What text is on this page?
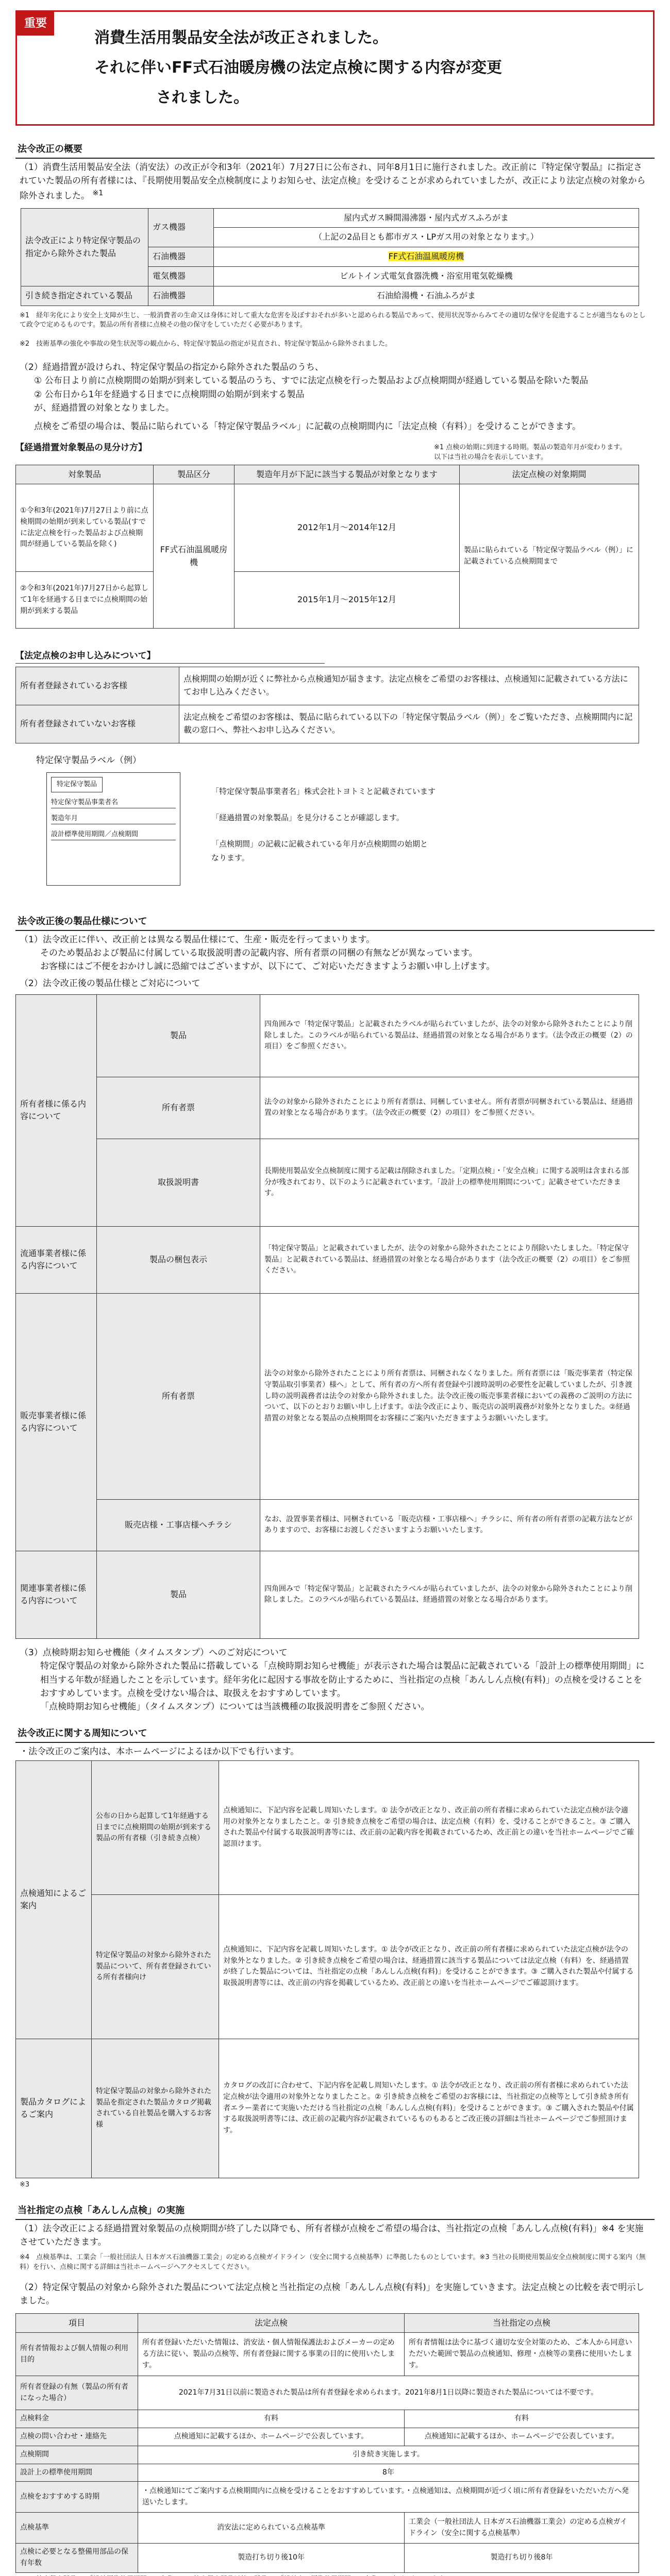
重要
消費生活用製品安全法が改正されました。
それに伴いFF式石油暖房機の法定点検に関する内容が変更
されました。
法令改正の概要
（1）消費生活用製品安全法（消安法）の改正が令和3年（2021年）7月27日に公布され、同年8月1日に施行されました。改正前に『特定保守製品』に指定されていた製品の所有者様には、『長期使用製品安全点検制度によりお知らせ、法定点検』を受けることが求められていましたが、改正により法定点検の対象から除外されました。 $^{※1}$
法令改正により特定保守製品の指定から除外された製品	ガス機器	屋内式ガス瞬間湯沸器・屋内式ガスふろがま
		（上記の2品目とも都市ガス・LPガス用の対象となります。）
	石油機器	FF式石油温風暖房機
	電気機器	ビルトイン式電気食器洗機・浴室用電気乾燥機

引き続き指定されている製品	石油機器	石油給湯機・石油ふろがま
※1　経年劣化により安全上支障が生じ、一般消費者の生命又は身体に対して重大な危害を及ぼすおそれが多いと認められる製品であって、使用状況等からみてその適切な保守を促進することが適当なものとして政令で定めるものです。製品の所有者様に点検その他の保守をしていただく必要があります。
※2　技術基準の強化や事故の発生状況等の観点から、特定保守製品の指定が見直され、特定保守製品から除外されました。
（2）経過措置が設けられ、特定保守製品の指定から除外された製品のうち、
① 公布日より前に点検期間の始期が到来している製品のうち、すでに法定点検を行った製品および点検期間が経過している製品を除いた製品
② 公布日から1年を経過する日までに点検期間の始期が到来する製品
が、経過措置の対象となりました。
点検をご希望の場合は、製品に貼られている「特定保守製品ラベル」に記載の点検期間内に「法定点検（有料）」を受けることができます。
【経過措置対象製品の見分け方】	※1 点検の始期に到達する時期。製品の製造年月が変わります。
以下は当社の場合を表示しています。
対象製品	製品区分	製造年月が下記に該当する製品が対象となります	法定点検の対象期間
①令和3年(2021年)7月27日より前に点検期間の始期が到来している製品(すでに法定点検を行った製品および点検期間が経過している製品を除く)	FF式石油温風暖房機	2012年1月～2014年12月	製品に貼られている「特定保守製品ラベル（例）」に記載されている点検期間まで
②令和3年(2021年)7月27日から起算して1年を経過する日までに点検期間の始期が到来する製品		2015年1月～2015年12月	
【法定点検のお申し込みについて】
所有者登録されているお客様	点検期間の始期が近くに弊社から点検通知が届きます。法定点検をご希望のお客様は、点検通知に記載されている方法にてお申し込みください。
所有者登録されていないお客様	法定点検をご希望のお客様は、製品に貼られている以下の「特定保守製品ラベル（例）」をご覧いただき、点検期間内に記載の窓口へ、弊社へお申し込みください。
特定保守製品ラベル（例）
特定保守製品
特定保守製品事業者名
製造年月
設計標準使用期間／点検期間
「特定保守製品事業者名」株式会社トヨトミと記載されています
「経過措置の対象製品」を見分けることが確認します。
「点検期間」の記載に記載されている年月が点検期間の始期となります。
法令改正後の製品仕様について
（1）法令改正に伴い、改正前とは異なる製品仕様にて、生産・販売を行ってまいります。
そのため製品および製品に付属している取扱説明書の記載内容、所有者票の同梱の有無などが異なっています。
お客様にはご不便をおかけし誠に恐縮ではございますが、以下にて、ご対応いただきますようお願い申し上げます。
（2）法令改正後の製品仕様とご対応について
所有者様に係る内容について	製品	四角囲みで「特定保守製品」と記載されたラベルが貼られていましたが、法令の対象から除外されたことにより削除しました。このラベルが貼られている製品は、経過措置の対象となる場合があります。（法令改正の概要（2）の項目）をご参照ください。
	所有者票	法令の対象から除外されたことにより所有者票は、同梱していません。所有者票が同梱されている製品は、経過措置の対象となる場合があります。（法令改正の概要（2）の項目）をご参照ください。
	取扱説明書	長期使用製品安全点検制度に関する記載は削除されました。「定期点検」・「安全点検」に関する説明は含まれる部分が残されており、以下のように記載されています。「設計上の標準使用期間について」記載させていただきます。
流通事業者様に係る内容について	製品の梱包表示	「特定保守製品」と記載されていましたが、法令の対象から除外されたことにより削除いたしました。「特定保守製品」と記載されている製品は、経過措置の対象となる場合があります（法令改正の概要（2）の項目）をご参照ください。
販売事業者様に係る内容について	所有者票	法令の対象から除外されたことにより所有者票は、同梱されなくなりました。所有者票には「販売事業者（特定保守製品取引事業者）様へ」として、所有者の方へ所有者登録や引渡時説明の必要性を記載していましたが、引き渡し時の説明義務者は法令の対象から除外されました。法令改正後の販売事業者様においての義務のご説明の方法について、以下のとおりお願い申し上げます。①法令改正により、販売店の説明義務が対象外となりました。②経過措置の対象となる製品の点検期間をお客様にご案内いただきますようお願いいたします。
	販売店様・工事店様へチラシ	なお、設置事業者様は、同梱されている「販売店様・工事店様へ」チラシに、所有者の所有者票の記載方法などがありますので、お客様にお渡しくださいますようお願いいたします。
関連事業者様に係る内容について	製品	四角囲みで「特定保守製品」と記載されたラベルが貼られていましたが、法令の対象から除外されたことにより削除しました。このラベルが貼られている製品は、経過措置の対象となる場合があります。
（3）点検時期お知らせ機能（タイムスタンプ）へのご対応について
特定保守製品の対象から除外された製品に搭載している「点検時期お知らせ機能」が表示された場合は製品に記載されている「設計上の標準使用期間」に相当する年数が経過したことを示しています。経年劣化に起因する事故を防止するために、当社指定の点検「あんしん点検(有料)」の点検を受けることをおすすめしています。点検を受けない場合は、取扱えをおすすめしています。
「点検時期お知らせ機能」（タイムスタンプ）については当該機種の取扱説明書をご参照ください。
法令改正に関する周知について
・法令改正のご案内は、本ホームページによるほか以下でも行います。
点検通知によるご案内	公布の日から起算して1年経過する日までに点検期間の始期が到来する製品の所有者様（引き続き点検）	点検通知に、下記内容を記載し周知いたします。① 法令が改正となり、改正前の所有者様に求められていた法定点検が法令適用の対象外となりましたこと。② 引き続き点検をご希望の場合は、法定点検（有料）を、受けることができること。③ ご購入された製品や付属する取扱説明書等には、改正前の記載内容を掲載されているため、改正前との違いを当社ホームページでご確認頂けます。
	特定保守製品の対象から除外された製品について、所有者登録されている所有者様向け	点検通知に、下記内容を記載し周知いたします。① 法令が改正となり、改正前の所有者様に求められていた法定点検が法令の対象外となりました。② 引き続き点検をご希望の場合は、経過措置に該当する製品については法定点検（有料）を、経過措置が終了した製品については、当社指定の点検「あんしん点検(有料)」を受けることができます。③ ご購入された製品や付属する取扱説明書等には、改正前の内容を掲載しているため、改正前との違いを当社ホームページでご確認頂けます。
製品カタログによるご案内	特定保守製品の対象から除外された製品を指定された製品カタログ掲載されている自社製品を購入するお客様	カタログの改訂に合わせて、下記内容を記載し周知いたします。① 法令が改正となり、改正前の所有者様に求められていた法定点検が法令適用の対象外となりましたこと。② 引き続き点検をご希望のお客様には、当社指定の点検等として引き続き所有者エラー業者にて実施いただける当社指定の点検「あんしん点検(有料)」を受けることができます。③ ご購入された製品や付属する取扱説明書等には、改正前の記載内容が記載されているものもあるとご改正後の詳細は当社ホームページでご参照頂けます。
※3
当社指定の点検「あんしん点検」の実施
（1）法令改正による経過措置対象製品の点検期間が終了した以降でも、所有者様が点検をご希望の場合は、当社指定の点検「あんしん点検(有料)」※4 を実施させていただきます。
※4　点検基準は、工業会「一般社団法人 日本ガス石油機器工業会」の定める点検ガイドライン（安全に関する点検基準）に準拠したものとしています。※3 当社の長期使用製品安全点検制度に関する案内（無料）を行い、点検に関する詳細は当社ホームページへアクセスしてください。
（2）特定保守製品の対象から除外された製品について法定点検と当社指定の点検「あんしん点検(有料)」を実施していきます。法定点検との比較を表で明示しました。
項目	法定点検	当社指定の点検
所有者情報および個人情報の利用目的	所有者登録いただいた情報は、消安法・個人情報保護法およびメーカーの定める方法に従い、製品の点検等、所有者登録に関する事業の目的に使用いたします。	所有者情報は法令に基づく適切な安全対策のため、ご本人から同意いただいた範囲で製品の点検通知、修理・点検等の業務に使用いたします。
所有者登録の有無（製品の所有者になった場合）	2021年7月31日以前に製造された製品は所有者登録を求められます。2021年8月1日以降に製造された製品については不要です。	
点検料金	有料	有料
点検の問い合わせ・連絡先	点検通知に記載するほか、ホームページで公表しています。	点検通知に記載するほか、ホームページで公表しています。
点検期間	引き続き実施します。	
設計上の標準使用期間	8年	
点検をおすすめする時期	・点検通知にてご案内する点検期間内に点検を受けることをおすすめしています。・点検通知は、点検期間が近づく頃に所有者登録をいただいた方へ発送いたします。	
点検基準	消安法に定められている点検基準	工業会（一般社団法人 日本ガス石油機器工業会）の定める点検ガイドライン（安全に関する点検基準）
点検に必要となる整備用部品の保有年数	製造打ち切り後10年	製造打ち切り後8年
